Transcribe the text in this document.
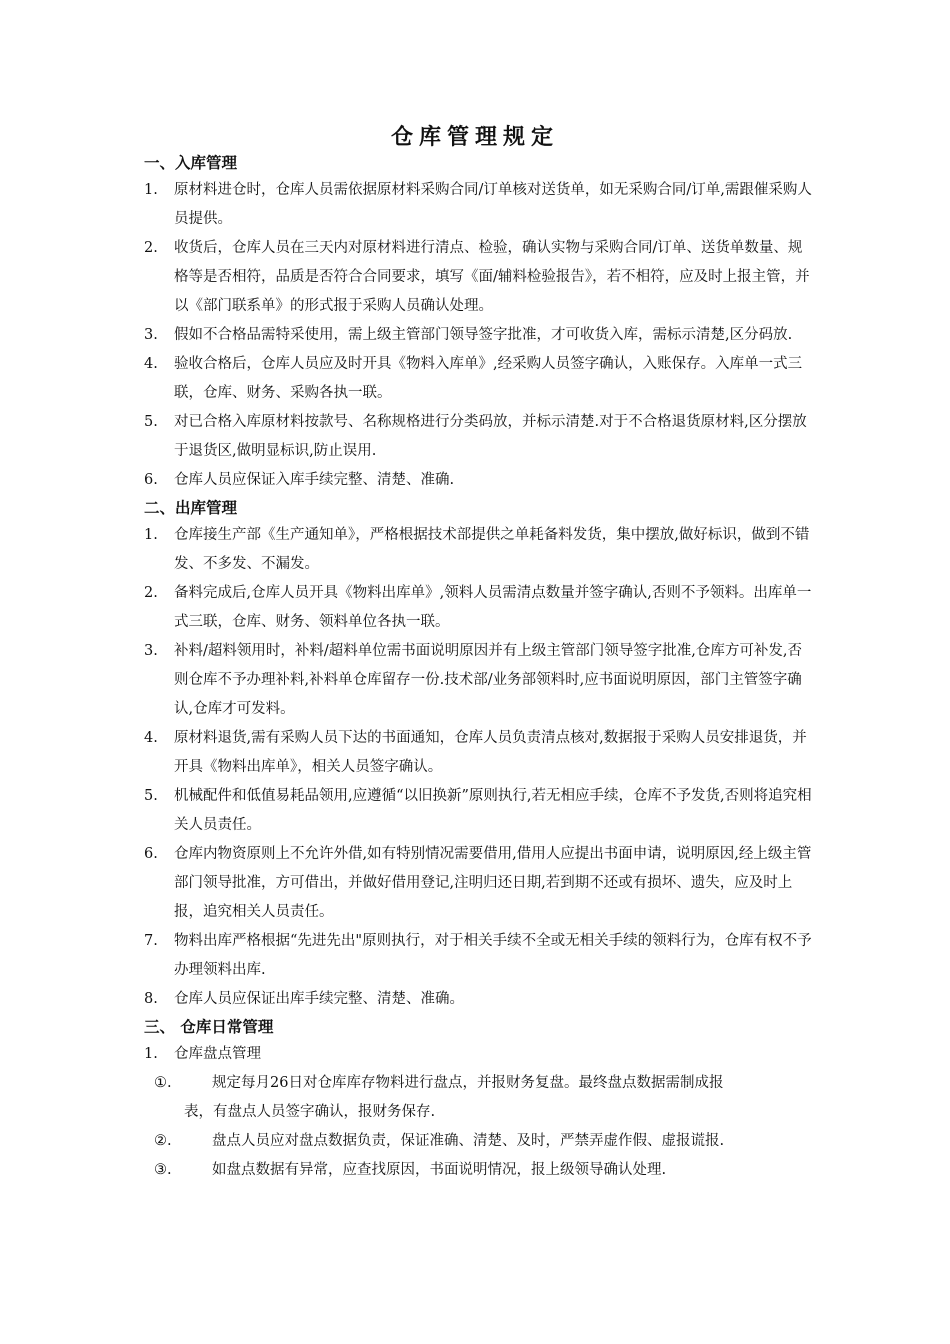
仓库管理规定
一、入库管理
1.	原材料进仓时，仓库人员需依据原材料采购合同/订单核对送货单，如无采购合同/订单,需跟催采购人员提供。
2.	收货后，仓库人员在三天内对原材料进行清点、检验，确认实物与采购合同/订单、送货单数量、规格等是否相符，品质是否符合合同要求，填写《面/辅料检验报告》，若不相符，应及时上报主管，并以《部门联系单》的形式报于采购人员确认处理。
3.	假如不合格品需特采使用，需上级主管部门领导签字批准，才可收货入库，需标示清楚,区分码放.
4.	验收合格后，仓库人员应及时开具《物料入库单》,经采购人员签字确认，入账保存。入库单一式三联，仓库、财务、采购各执一联。
5.	对已合格入库原材料按款号、名称规格进行分类码放，并标示清楚.对于不合格退货原材料,区分摆放于退货区,做明显标识,防止误用.
6.	仓库人员应保证入库手续完整、清楚、准确.
二、出库管理
1.	仓库接生产部《生产通知单》，严格根据技术部提供之单耗备料发货，集中摆放,做好标识，做到不错发、不多发、不漏发。
2.	备料完成后,仓库人员开具《物料出库单》,领料人员需清点数量并签字确认,否则不予领料。出库单一式三联，仓库、财务、领料单位各执一联。
3.	补料/超料领用时，补料/超料单位需书面说明原因并有上级主管部门领导签字批准,仓库方可补发,否则仓库不予办理补料,补料单仓库留存一份.技术部/业务部领料时,应书面说明原因，部门主管签字确认,仓库才可发料。
4.	原材料退货,需有采购人员下达的书面通知，仓库人员负责清点核对,数据报于采购人员安排退货，并开具《物料出库单》，相关人员签字确认。
5.	机械配件和低值易耗品领用,应遵循“以旧换新”原则执行,若无相应手续，仓库不予发货,否则将追究相关人员责任。
6.	仓库内物资原则上不允许外借,如有特别情况需要借用,借用人应提出书面申请，说明原因,经上级主管部门领导批准，方可借出，并做好借用登记,注明归还日期,若到期不还或有损坏、遗失，应及时上报，追究相关人员责任。
7.	物料出库严格根据“先进先出"原则执行，对于相关手续不全或无相关手续的领料行为，仓库有权不予办理领料出库.
8.	仓库人员应保证出库手续完整、清楚、准确。
三、 仓库日常管理
1.	仓库盘点管理
①.	规定每月26日对仓库库存物料进行盘点，并报财务复盘。最终盘点数据需制成报
表，有盘点人员签字确认，报财务保存.
②.	盘点人员应对盘点数据负责，保证准确、清楚、及时，严禁弄虚作假、虚报谎报.
③.	如盘点数据有异常，应查找原因，书面说明情况，报上级领导确认处理.
